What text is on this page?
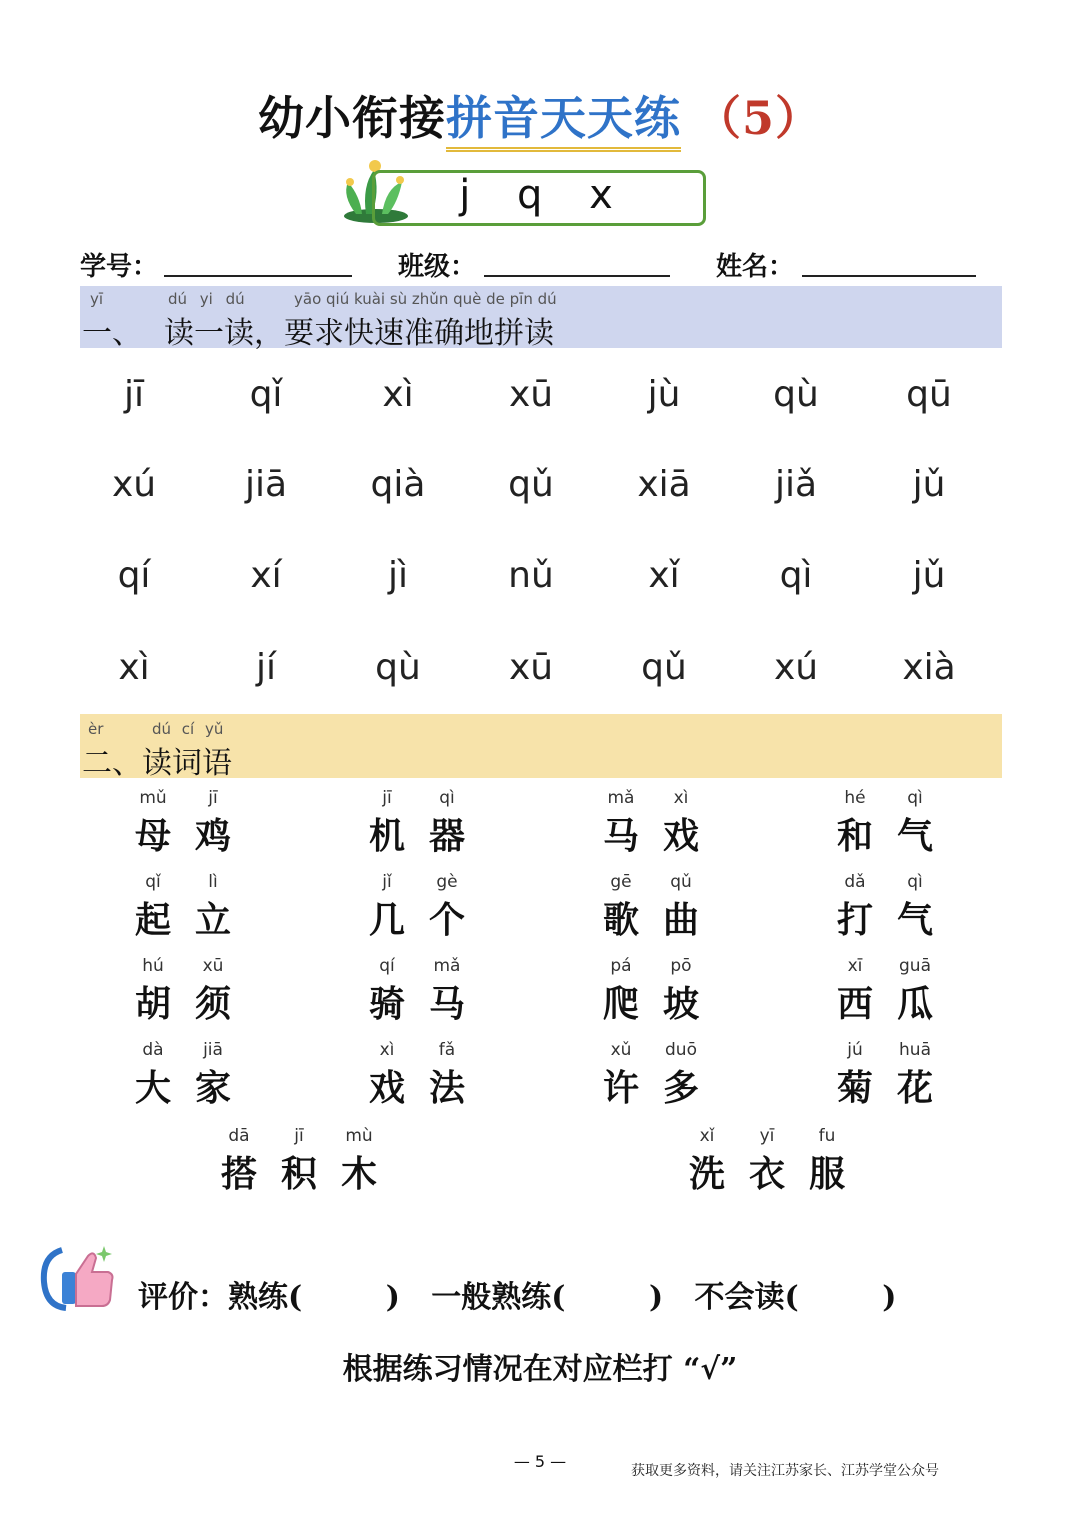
幼小衔接拼音天天练 （5）
j q x
学号：	班级：	姓名：
yī	dú yi dú	yāo qiú kuài sù zhǔn què de pīn dú
一、 读一读，要求快速准确地拼读
jī	qǐ	xì	xū	jù	qù	qū
xú	jiā	qià	qǔ	xiā	jiǎ	jǔ
qí	xí	jì	nǔ	xǐ	qì	jǔ
xì	jí	qù	xū	qǔ	xú	xià
èr	dú cí yǔ
二、读词语
mǔ	jī
母 鸡
jī	qì
机 器
mǎ	xì
马 戏
hé	qì
和 气
qǐ	lì
起 立
jǐ	gè
几 个
gē	qǔ
歌 曲
dǎ	qì
打 气
hú	xū
胡 须
qí	mǎ
骑 马
pá	pō
爬 坡
xī	guā
西 瓜
dà	jiā
大 家
xì	fǎ
戏 法
xǔ	duō
许 多
jú	huā
菊 花
dā	jī	mù
搭 积 木
xǐ	yī	fu
洗 衣 服
评价：熟练(        )   一般熟练(        )   不会读(        )
根据练习情况在对应栏打 “√”
— 5 —	获取更多资料，请关注江苏家长、江苏学堂公众号
